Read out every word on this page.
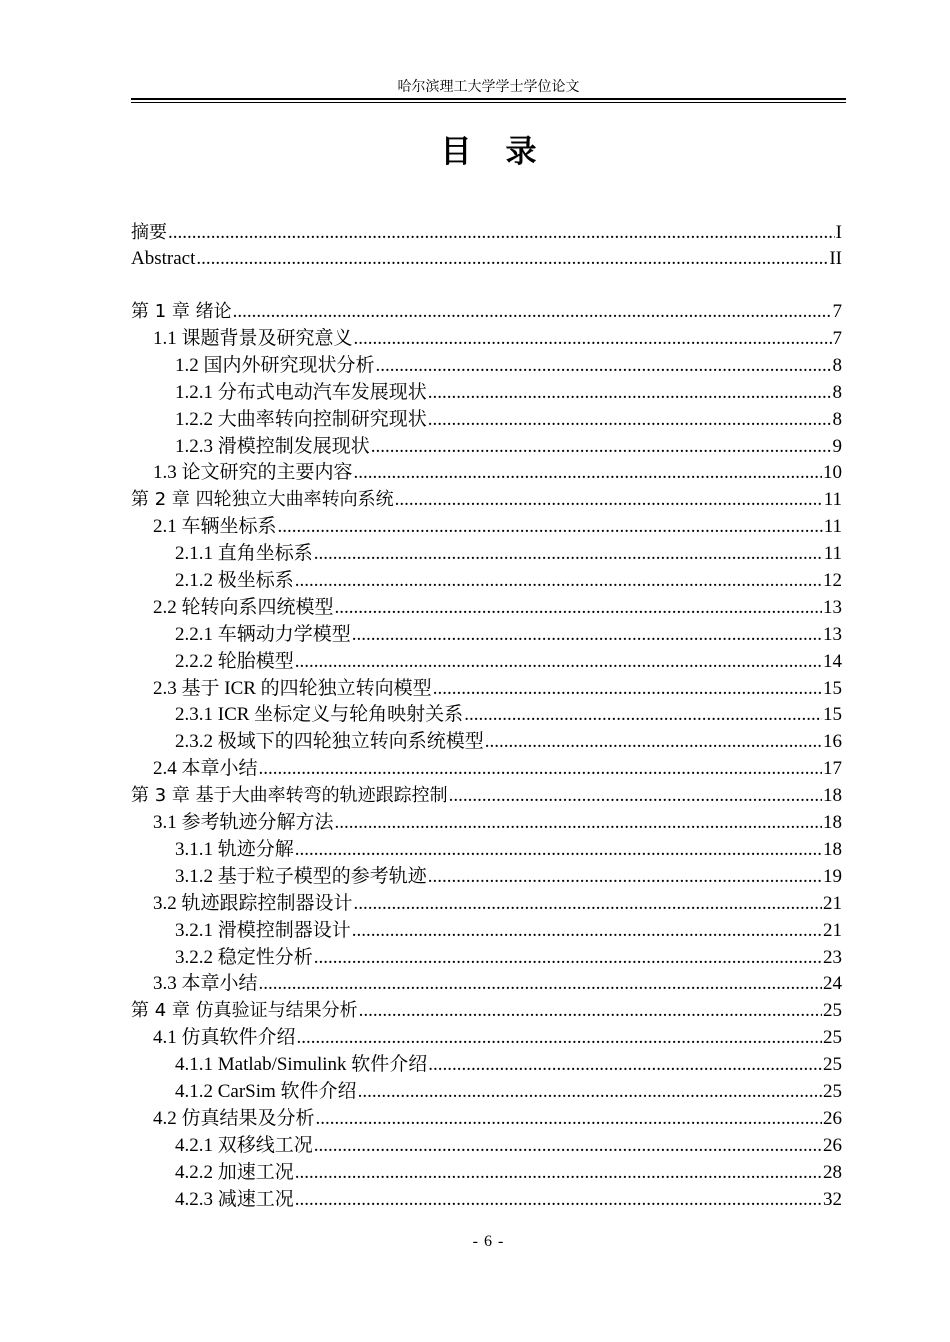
哈尔滨理工大学学士学位论文
目 录
摘要 .....	I
Abstract .....	II
第 1 章 绪论 .....	7
1.1 课题背景及研究意义 .....	7
1.2 国内外研究现状分析 .....	8
1.2.1 分布式电动汽车发展现状 .....	8
1.2.2 大曲率转向控制研究现状 .....	8
1.2.3 滑模控制发展现状 .....	9
1.3 论文研究的主要内容 .....	10
第 2 章 四轮独立大曲率转向系统 .....	11
2.1 车辆坐标系 .....	11
2.1.1 直角坐标系 .....	11
2.1.2 极坐标系 .....	12
2.2 轮转向系四统模型 .....	13
2.2.1 车辆动力学模型 .....	13
2.2.2 轮胎模型 .....	14
2.3 基于 ICR 的四轮独立转向模型 .....	15
2.3.1 ICR 坐标定义与轮角映射关系 .....	15
2.3.2 极域下的四轮独立转向系统模型 .....	16
2.4 本章小结 .....	17
第 3 章 基于大曲率转弯的轨迹跟踪控制 .....	18
3.1 参考轨迹分解方法 .....	18
3.1.1 轨迹分解 .....	18
3.1.2 基于粒子模型的参考轨迹 .....	19
3.2 轨迹跟踪控制器设计 .....	21
3.2.1 滑模控制器设计 .....	21
3.2.2 稳定性分析 .....	23
3.3 本章小结 .....	24
第 4 章 仿真验证与结果分析 .....	25
4.1 仿真软件介绍 .....	25
4.1.1 Matlab/Simulink 软件介绍 .....	25
4.1.2 CarSim 软件介绍 .....	25
4.2 仿真结果及分析 .....	26
4.2.1 双移线工况 .....	26
4.2.2 加速工况 .....	28
4.2.3 减速工况 .....	32
- 6 -
